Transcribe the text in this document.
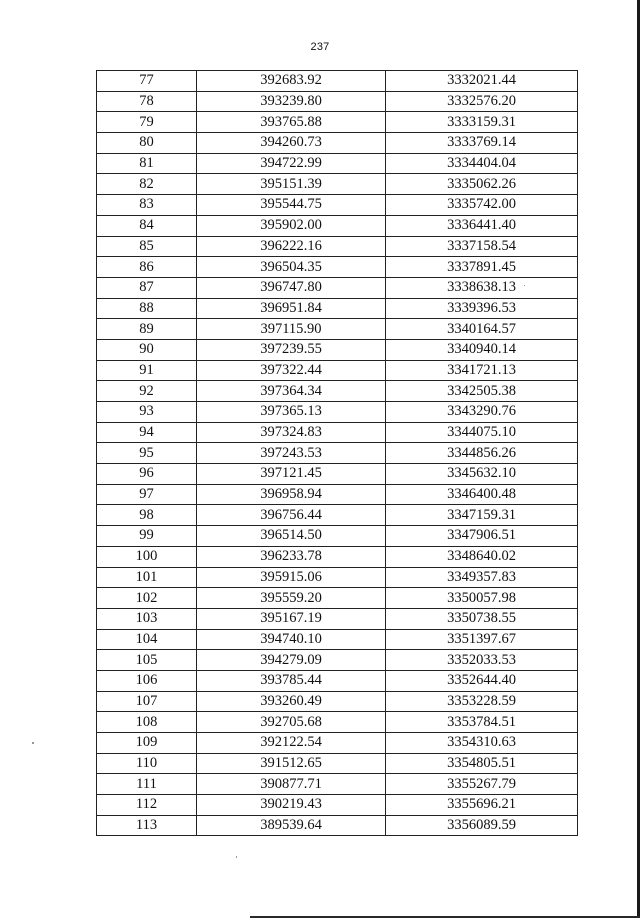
237
77	392683.92	3332021.44
78	393239.80	3332576.20
79	393765.88	3333159.31
80	394260.73	3333769.14
81	394722.99	3334404.04
82	395151.39	3335062.26
83	395544.75	3335742.00
84	395902.00	3336441.40
85	396222.16	3337158.54
86	396504.35	3337891.45
87	396747.80	3338638.13
88	396951.84	3339396.53
89	397115.90	3340164.57
90	397239.55	3340940.14
91	397322.44	3341721.13
92	397364.34	3342505.38
93	397365.13	3343290.76
94	397324.83	3344075.10
95	397243.53	3344856.26
96	397121.45	3345632.10
97	396958.94	3346400.48
98	396756.44	3347159.31
99	396514.50	3347906.51
100	396233.78	3348640.02
101	395915.06	3349357.83
102	395559.20	3350057.98
103	395167.19	3350738.55
104	394740.10	3351397.67
105	394279.09	3352033.53
106	393785.44	3352644.40
107	393260.49	3353228.59
108	392705.68	3353784.51
109	392122.54	3354310.63
110	391512.65	3354805.51
111	390877.71	3355267.79
112	390219.43	3355696.21
113	389539.64	3356089.59
